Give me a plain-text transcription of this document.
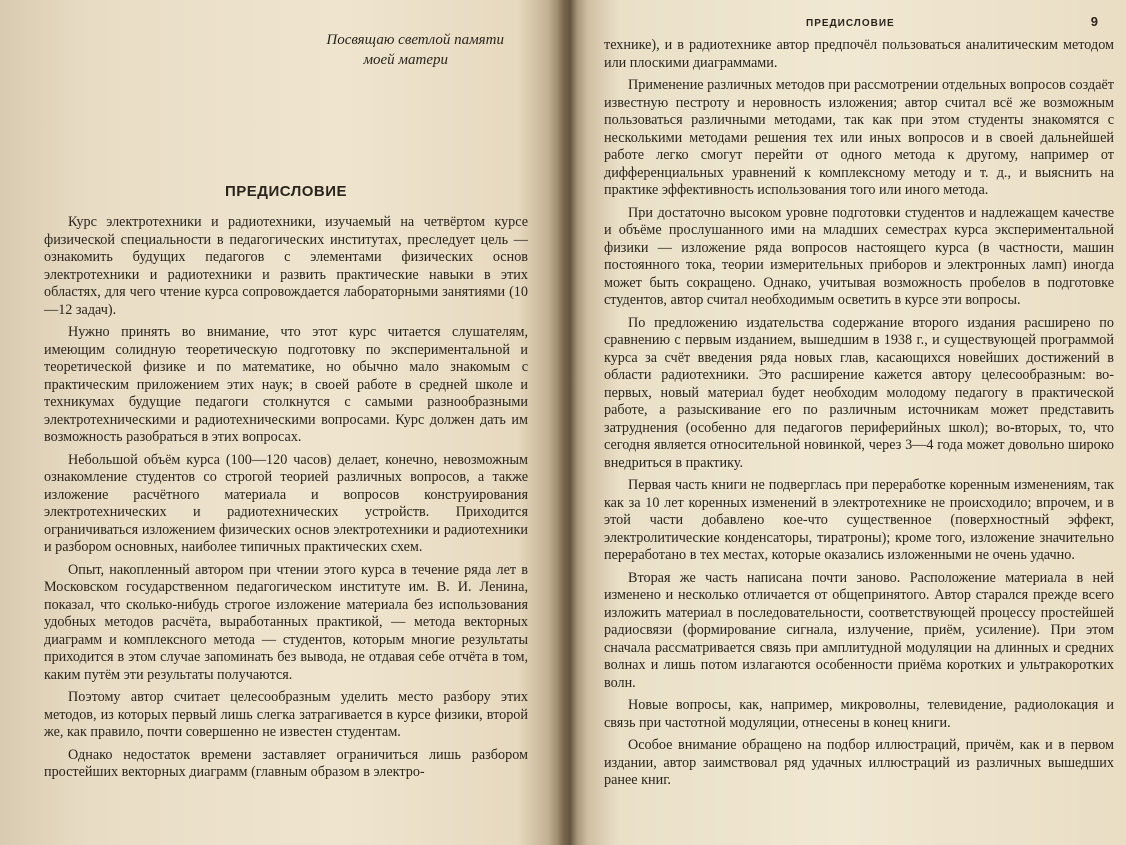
Посвящаю светлой памяти
моей матери
ПРЕДИСЛОВИЕ

Курс электротехники и радиотехники, изучаемый на четвёртом курсе физической специальности в педагогических институтах, преследует цель — ознакомить будущих педагогов с элементами физических основ электротехники и радиотехники и развить практические навыки в этих областях, для чего чтение курса сопровождается лабораторными занятиями (10—12 задач).

Нужно принять во внимание, что этот курс читается слушателям, имеющим солидную теоретическую подготовку по экспериментальной и теоретической физике и по математике, но обычно мало знакомым с практическим приложением этих наук; в своей работе в средней школе и техникумах будущие педагоги столкнутся с самыми разнообразными электротехническими и радиотехническими вопросами. Курс должен дать им возможность разобраться в этих вопросах.

Небольшой объём курса (100—120 часов) делает, конечно, невозможным ознакомление студентов со строгой теорией различных вопросов, а также изложение расчётного материала и вопросов конструирования электротехнических и радиотехнических устройств. Приходится ограничиваться изложением физических основ электротехники и радиотехники и разбором основных, наиболее типичных практических схем.

Опыт, накопленный автором при чтении этого курса в течение ряда лет в Московском государственном педагогическом институте им. В. И. Ленина, показал, что сколько-нибудь строгое изложение материала без использования удобных методов расчёта, выработанных практикой, — метода векторных диаграмм и комплексного метода — студентов, которым многие результаты приходится в этом случае запоминать без вывода, не отдавая себе отчёта в том, каким путём эти результаты получаются.

Поэтому автор считает целесообразным уделить место разбору этих методов, из которых первый лишь слегка затрагивается в курсе физики, второй же, как правило, почти совершенно не известен студентам.

Однако недостаток времени заставляет ограничиться лишь разбором простейших векторных диаграмм (главным образом в электро-

ПРЕДИСЛОВИЕ	9

технике), и в радиотехнике автор предпочёл пользоваться аналитическим методом или плоскими диаграммами.

Применение различных методов при рассмотрении отдельных вопросов создаёт известную пестроту и неровность изложения; автор считал всё же возможным пользоваться различными методами, так как при этом студенты знакомятся с несколькими методами решения тех или иных вопросов и в своей дальнейшей работе легко смогут перейти от одного метода к другому, например от дифференциальных уравнений к комплексному методу и т. д., и выяснить на практике эффективность использования того или иного метода.

При достаточно высоком уровне подготовки студентов и надлежащем качестве и объёме прослушанного ими на младших семестрах курса экспериментальной физики — изложение ряда вопросов настоящего курса (в частности, машин постоянного тока, теории измерительных приборов и электронных ламп) иногда может быть сокращено. Однако, учитывая возможность пробелов в подготовке студентов, автор считал необходимым осветить в курсе эти вопросы.

По предложению издательства содержание второго издания расширено по сравнению с первым изданием, вышедшим в 1938 г., и существующей программой курса за счёт введения ряда новых глав, касающихся новейших достижений в области радиотехники. Это расширение кажется автору целесообразным: во-первых, новый материал будет необходим молодому педагогу в практической работе, а разыскивание его по различным источникам может представить затруднения (особенно для педагогов периферийных школ); во-вторых, то, что сегодня является относительной новинкой, через 3—4 года может довольно широко внедриться в практику.

Первая часть книги не подверглась при переработке коренным изменениям, так как за 10 лет коренных изменений в электротехнике не происходило; впрочем, и в этой части добавлено кое-что существенное (поверхностный эффект, электролитические конденсаторы, тиратроны); кроме того, изложение значительно переработано в тех местах, которые оказались изложенными не очень удачно.

Вторая же часть написана почти заново. Расположение материала в ней изменено и несколько отличается от общепринятого. Автор старался прежде всего изложить материал в последовательности, соответствующей процессу простейшей радиосвязи (формирование сигнала, излучение, приём, усиление). При этом сначала рассматривается связь при амплитудной модуляции на длинных и средних волнах и лишь потом излагаются особенности приёма коротких и ультракоротких волн.

Новые вопросы, как, например, микроволны, телевидение, радиолокация и связь при частотной модуляции, отнесены в конец книги.

Особое внимание обращено на подбор иллюстраций, причём, как и в первом издании, автор заимствовал ряд удачных иллюстраций из различных вышедших ранее книг.
